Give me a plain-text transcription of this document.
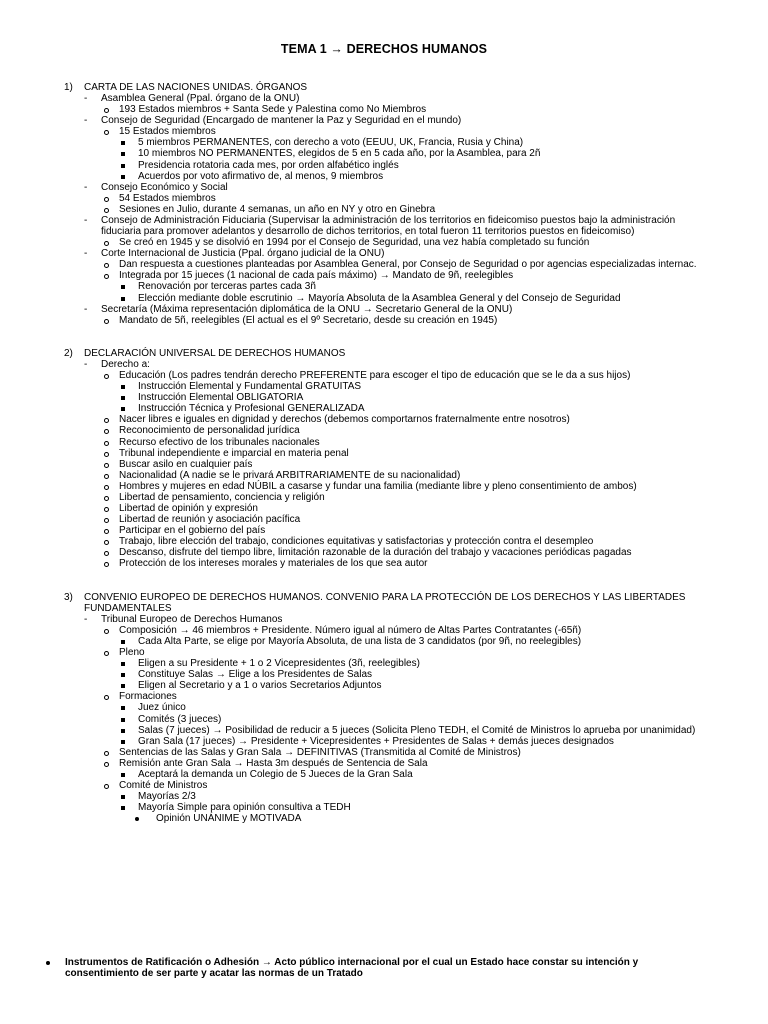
TEMA 1 → DERECHOS HUMANOS
1) CARTA DE LAS NACIONES UNIDAS. ÓRGANOS
- Asamblea General (Ppal. órgano de la ONU)
193 Estados miembros + Santa Sede y Palestina como No Miembros
- Consejo de Seguridad (Encargado de mantener la Paz y Seguridad en el mundo)
15 Estados miembros
5 miembros PERMANENTES, con derecho a voto (EEUU, UK, Francia, Rusia y China)
10 miembros NO PERMANENTES, elegidos de 5 en 5 cada año, por la Asamblea, para 2ñ
Presidencia rotatoria cada mes, por orden alfabético inglés
Acuerdos por voto afirmativo de, al menos, 9 miembros
- Consejo Económico y Social
54 Estados miembros
Sesiones en Julio, durante 4 semanas, un año en NY y otro en Ginebra
- Consejo de Administración Fiduciaria (Supervisar la administración de los territorios en fideicomiso puestos bajo la administración
fiduciaria para promover adelantos y desarrollo de dichos territorios, en total fueron 11 territorios puestos en fideicomiso)
Se creó en 1945 y se disolvió en 1994 por el Consejo de Seguridad, una vez había completado su función
- Corte Internacional de Justicia (Ppal. órgano judicial de la ONU)
Dan respuesta a cuestiones planteadas por Asamblea General, por Consejo de Seguridad o por agencias especializadas internac.
Integrada por 15 jueces (1 nacional de cada país máximo) → Mandato de 9ñ, reelegibles
Renovación por terceras partes cada 3ñ
Elección mediante doble escrutinio → Mayoría Absoluta de la Asamblea General y del Consejo de Seguridad
- Secretaría (Máxima representación diplomática de la ONU → Secretario General de la ONU)
Mandato de 5ñ, reelegibles (El actual es el 9º Secretario, desde su creación en 1945)
2) DECLARACIÓN UNIVERSAL DE DERECHOS HUMANOS
- Derecho a:
Educación (Los padres tendrán derecho PREFERENTE para escoger el tipo de educación que se le da a sus hijos)
Instrucción Elemental y Fundamental GRATUITAS
Instrucción Elemental OBLIGATORIA
Instrucción Técnica y Profesional GENERALIZADA
Nacer libres e iguales en dignidad y derechos (debemos comportarnos fraternalmente entre nosotros)
Reconocimiento de personalidad jurídica
Recurso efectivo de los tribunales nacionales
Tribunal independiente e imparcial en materia penal
Buscar asilo en cualquier país
Nacionalidad (A nadie se le privará ARBITRARIAMENTE de su nacionalidad)
Hombres y mujeres en edad NÚBIL a casarse y fundar una familia (mediante libre y pleno consentimiento de ambos)
Libertad de pensamiento, conciencia y religión
Libertad de opinión y expresión
Libertad de reunión y asociación pacífica
Participar en el gobierno del país
Trabajo, libre elección del trabajo, condiciones equitativas y satisfactorias y protección contra el desempleo
Descanso, disfrute del tiempo libre, limitación razonable de la duración del trabajo y vacaciones periódicas pagadas
Protección de los intereses morales y materiales de los que sea autor
3) CONVENIO EUROPEO DE DERECHOS HUMANOS. CONVENIO PARA LA PROTECCIÓN DE LOS DERECHOS Y LAS LIBERTADES
FUNDAMENTALES
- Tribunal Europeo de Derechos Humanos
Composición → 46 miembros + Presidente. Número igual al número de Altas Partes Contratantes (-65ñ)
Cada Alta Parte, se elige por Mayoría Absoluta, de una lista de 3 candidatos (por 9ñ, no reelegibles)
Pleno
Eligen a su Presidente + 1 o 2 Vicepresidentes (3ñ, reelegibles)
Constituye Salas → Elige a los Presidentes de Salas
Eligen al Secretario y a 1 o varios Secretarios Adjuntos
Formaciones
Juez único
Comités (3 jueces)
Salas (7 jueces) → Posibilidad de reducir a 5 jueces (Solicita Pleno TEDH, el Comité de Ministros lo aprueba por unanimidad)
Gran Sala (17 jueces) → Presidente + Vicepresidentes + Presidentes de Salas + demás jueces designados
Sentencias de las Salas y Gran Sala → DEFINITIVAS (Transmitida al Comité de Ministros)
Remisión ante Gran Sala → Hasta 3m después de Sentencia de Sala
Aceptará la demanda un Colegio de 5 Jueces de la Gran Sala
Comité de Ministros
Mayorías 2/3
Mayoría Simple para opinión consultiva a TEDH
Opinión UNÁNIME y MOTIVADA
Instrumentos de Ratificación o Adhesión → Acto público internacional por el cual un Estado hace constar su intención y
consentimiento de ser parte y acatar las normas de un Tratado
